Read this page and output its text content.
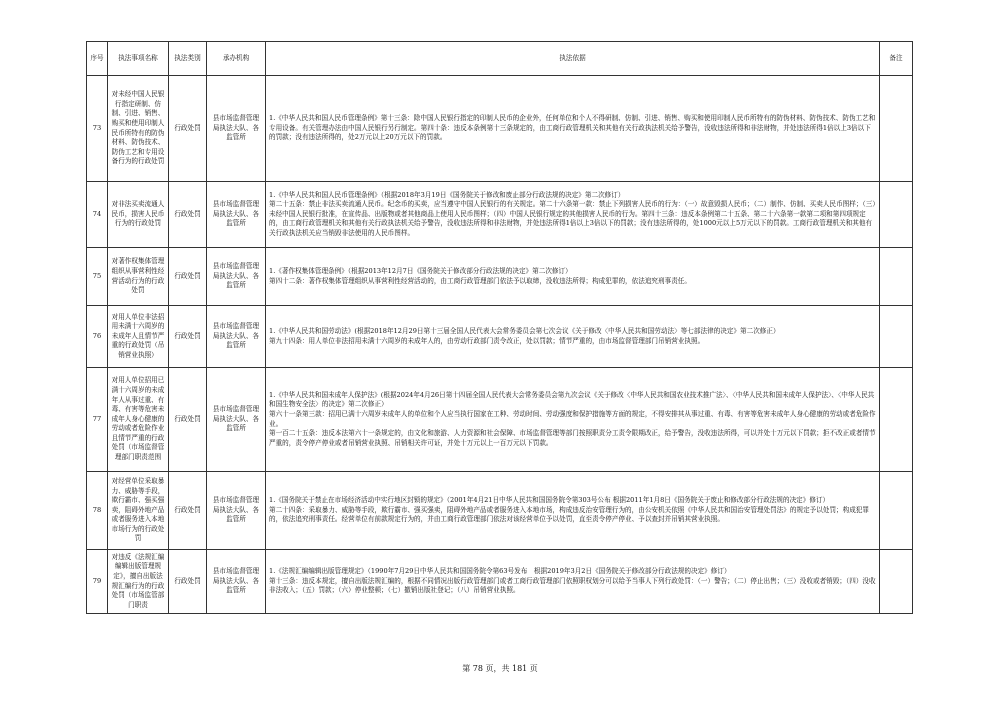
序号	执法事项名称	执法类别	承办机构	执法依据	备注
73	对未经中国人民银行指定研制、仿制、引进、销售、购买和使用印制人民币所特有的防伪材料、防伪技术、防伪工艺和专用设备行为的行政处罚	行政处罚	县市场监督管理局执法大队、各监管所	1.《中华人民共和国人民币管理条例》第十三条：除中国人民银行指定的印制人民币的企业外，任何单位和个人不得研制、仿制、引进、销售、购买和使用印制人民币所特有的防伪材料、防伪技术、防伪工艺和专用设备。有关管理办法由中国人民银行另行制定。第四十条：违反本条例第十三条规定的，由工商行政管理机关和其他有关行政执法机关给予警告，没收违法所得和非法财物，并处违法所得1倍以上3倍以下的罚款；没有违法所得的，处2万元以上20万元以下的罚款。	

74	对非法买卖流通人民币，损害人民币行为的行政处罚	行政处罚	县市场监督管理局执法大队、各监管所	1.《中华人民共和国人民币管理条例》（根据2018年3月19日《国务院关于修改和废止部分行政法规的决定》第二次修订）
第二十五条：禁止非法买卖流通人民币。纪念币的买卖，应当遵守中国人民银行的有关规定。第二十六条第一款：禁止下列损害人民币的行为：（一）故意毁损人民币；（二）制作、仿制、买卖人民币图样；（三）未经中国人民银行批准，在宣传品、出版物或者其他商品上使用人民币图样；（四）中国人民银行规定的其他损害人民币的行为。第四十三条：违反本条例第二十五条、第二十六条第一款第二项和第四项规定的，由工商行政管理机关和其他有关行政执法机关给予警告，没收违法所得和非法财物，并处违法所得1倍以上3倍以下的罚款；没有违法所得的，处1000元以上5万元以下的罚款。工商行政管理机关和其他有关行政执法机关应当销毁非法使用的人民币图样。	

75	对著作权集体管理组织从事营利性经营活动行为的行政处罚	行政处罚	县市场监督管理局执法大队、各监管所	1.《著作权集体管理条例》（根据2013年12月7日《国务院关于修改部分行政法规的决定》第二次修订）
第四十二条：著作权集体管理组织从事营利性经营活动的，由工商行政管理部门依法予以取缔，没收违法所得；构成犯罪的，依法追究刑事责任。	

76	对用人单位非法招用未满十六周岁的未成年人且情节严重的行政处罚（吊销营业执照）	行政处罚	县市场监督管理局执法大队、各监管所	1.《中华人民共和国劳动法》(根据2018年12月29日第十三届全国人民代表大会常务委员会第七次会议《关于修改〈中华人民共和国劳动法〉等七部法律的决定》第二次修正）
第九十四条：用人单位非法招用未满十六周岁的未成年人的，由劳动行政部门责令改正，处以罚款；情节严重的，由市场监督管理部门吊销营业执照。	

77	对用人单位招用已满十六周岁的未成年人从事过重、有毒、有害等危害未成年人身心健康的劳动或者危险作业且情节严重的行政处罚（市场监督管理部门职责范围	行政处罚	县市场监督管理局执法大队、各监管所	1.《中华人民共和国未成年人保护法》(根据2024年4月26日第十四届全国人民代表大会常务委员会第九次会议《关于修改〈中华人民共和国农业技术推广法〉、〈中华人民共和国未成年人保护法〉、〈中华人民共和国生物安全法〉的决定》第二次修正）
第六十一条第三款：招用已满十六周岁未成年人的单位和个人应当执行国家在工种、劳动时间、劳动强度和保护措施等方面的规定，不得安排其从事过重、有毒、有害等危害未成年人身心健康的劳动或者危险作业。
第一百二十五条：违反本法第六十一条规定的，由文化和旅游、人力资源和社会保障、市场监督管理等部门按照职责分工责令限期改正，给予警告，没收违法所得，可以并处十万元以下罚款；拒不改正或者情节严重的，责令停产停业或者吊销营业执照、吊销相关许可证，并处十万元以上一百万元以下罚款。	

78	对经营单位采取暴力、威胁等手段，欺行霸市、强买强卖，阻碍外地产品或者服务进入本地市场行为的行政处罚	行政处罚	县市场监督管理局执法大队、各监管所	1.《国务院关于禁止在市场经济活动中实行地区封锁的规定》（2001年4月21日中华人民共和国国务院令第303号公布 根据2011年1月8日《国务院关于废止和修改部分行政法规的决定》修订）
第二十四条：采取暴力、威胁等手段，欺行霸市、强买强卖，阻碍外地产品或者服务进入本地市场，构成违反治安管理行为的，由公安机关依照《中华人民共和国治安管理处罚法》的规定予以处罚；构成犯罪的，依法追究刑事责任。经营单位有前款规定行为的，并由工商行政管理部门依法对该经营单位予以处罚，直至责令停产停业、予以查封并吊销其营业执照。	

79	对违反《法规汇编编辑出版管理规定》，擅自出版法规汇编行为的行政处罚（市场监管部门职责	行政处罚	县市场监督管理局执法大队、各监管所	1.《法规汇编编辑出版管理规定》（1990年7月29日中华人民共和国国务院令第63号发布　根据2019年3月2日《国务院关于修改部分行政法规的决定》修订）
第十三条：违反本规定，擅自出版法规汇编的，根据不同情况出版行政管理部门或者工商行政管理部门依照职权划分可以给予当事人下列行政处罚：（一）警告；（二）停止出售；（三）没收或者销毁；（四）没收非法收入；（五）罚款；（六）停业整顿；（七）撤销出版社登记；（八）吊销营业执照。	

第 78 页，共 181 页
